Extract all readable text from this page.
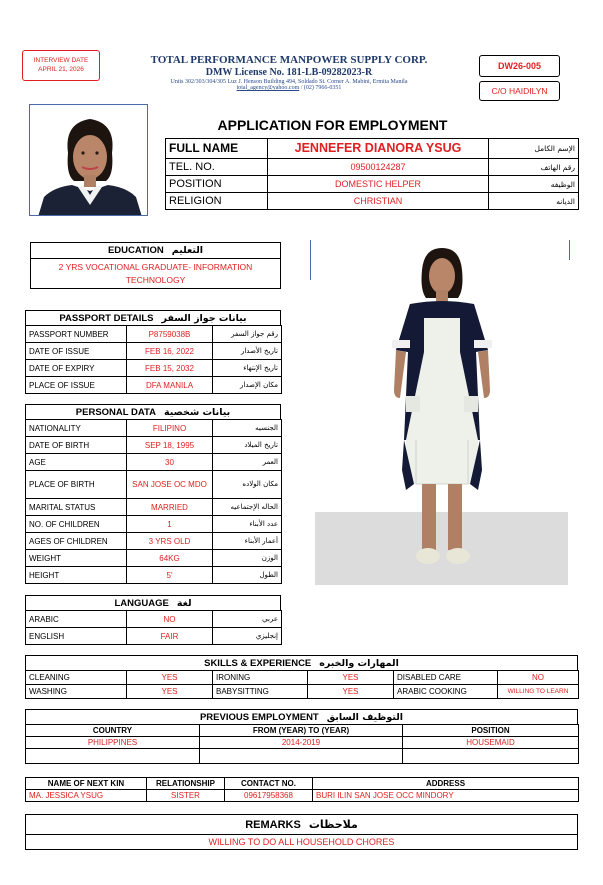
INTERVIEW DATE
APRIL 21, 2026
TOTAL PERFORMANCE MANPOWER SUPPLY CORP.
DMW License No. 181-LB-09282023-R
Units 302/303/304/305 Luz J. Henson Building 494, Soldado St. Corner A. Mabini, Ermita Manila
total_agency@yahoo.com / (02) 7966-0351
DW26-005
C/O HAIDILYN
APPLICATION FOR EMPLOYMENT
FULL NAME	JENNEFER DIANORA YSUG	الإسم الكامل
TEL. NO.	09500124287	رقم الهاتف
POSITION	DOMESTIC HELPER	الوظيفه
RELIGION	CHRISTIAN	الديانه
EDUCATION التعليم
2 YRS VOCATIONAL GRADUATE- INFORMATION TECHNOLOGY
PASSPORT DETAILS بيانات جواز السفر
PASSPORT NUMBER	P8759038B	رقم جواز السفر
DATE OF ISSUE	FEB 16, 2022	تاريخ الأصدار
DATE OF EXPIRY	FEB 15, 2032	تاريخ الإنتهاء
PLACE OF ISSUE	DFA MANILA	مكان الإصدار
PERSONAL DATA بيانات شخصية
NATIONALITY	FILIPINO	الجنسيه
DATE OF BIRTH	SEP 18, 1995	تاريخ الميلاد
AGE	30	العمر
PLACE OF BIRTH	SAN JOSE OC MDO	مكان الولاده
MARITAL STATUS	MARRIED	الحاله الإجتماعيه
NO. OF CHILDREN	1	عدد الأبناء
AGES OF CHILDREN	3 YRS OLD	أعمار الأبناء
WEIGHT	64KG	الوزن
HEIGHT	5'	الطول
LANGUAGE لغة
ARABIC	NO	عربي
ENGLISH	FAIR	إنجليزي
SKILLS & EXPERIENCE المهارات والخبره
CLEANING	YES	IRONING	YES	DISABLED CARE	NO
WASHING	YES	BABYSITTING	YES	ARABIC COOKING	WILLING TO LEARN
PREVIOUS EMPLOYMENT التوظيف السابق
COUNTRY	FROM (YEAR) TO (YEAR)	POSITION
PHILIPPINES	2014-2019	HOUSEMAID

NAME OF NEXT KIN	RELATIONSHIP	CONTACT NO.	ADDRESS
MA. JESSICA YSUG	SISTER	09617958368	BURI ILIN SAN JOSE OCC MINDORY
REMARKS ملاحظات
WILLING TO DO ALL HOUSEHOLD CHORES
